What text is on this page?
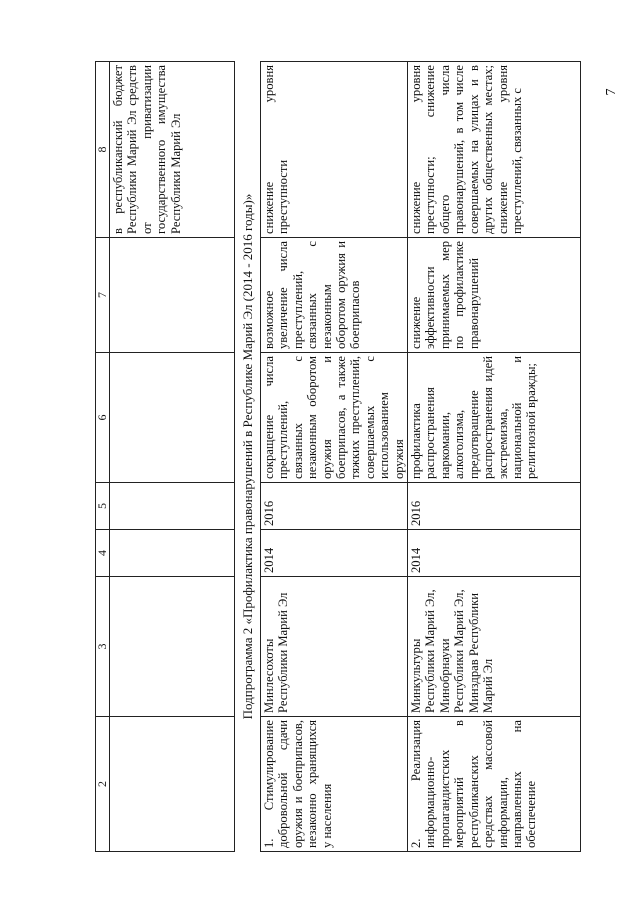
7
2	3	4	5	6	7	8
						в республиканский бюджет Республики Марий Эл средств от приватизации государственного имущества Республики Марий Эл
Подпрограмма 2 «Профилактика правонарушений в Республике Марий Эл (2014 - 2016 годы)»						
1. Стимулирование добровольной сдачи оружия и боеприпасов, незаконно хранящихся у населения	Минлесохоты Республики Марий Эл	2014	2016	сокращение числа преступлений, связанных с незаконным оборотом оружия и боеприпасов, а также тяжких преступлений, совершаемых с использованием оружия	возможное увеличение числа преступлений, связанных с незаконным оборотом оружия и боеприпасов	снижение уровня преступности
2. Реализация информационно-пропагандистских мероприятий в республиканских средствах массовой информации, направленных на обеспечение	Минкультуры Республики Марий Эл, Минобрнауки Республики Марий Эл, Минздрав Республики Марий Эл	2014	2016	профилактика распространения наркомании, алкоголизма, предотвращение распространения идей экстремизма, национальной и религиозной вражды;	снижение эффективности принимаемых мер по профилактике правонарушений	снижение уровня преступности; снижение общего числа правонарушений, в том числе совершаемых на улицах и в других общественных местах; снижение уровня преступлений, связанных с
